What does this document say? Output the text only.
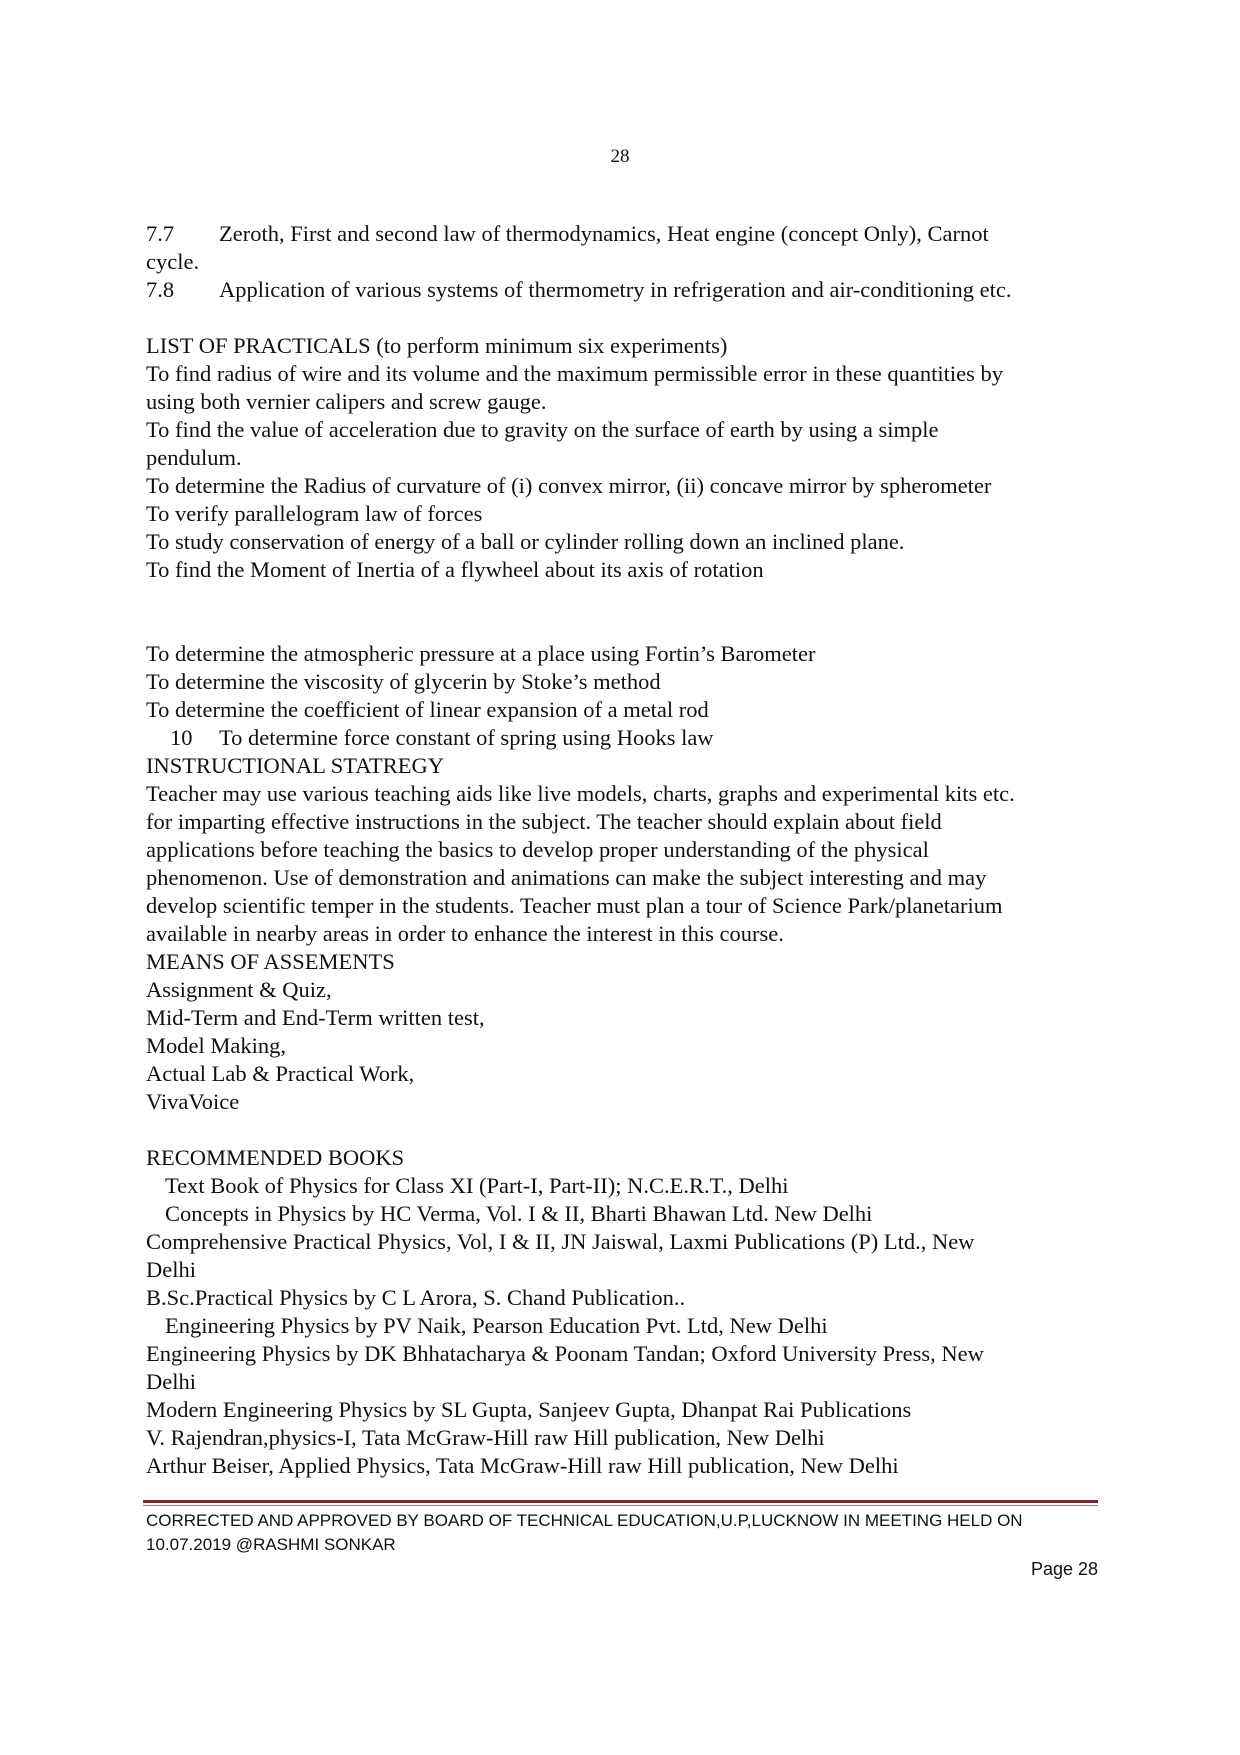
28
7.7 Zeroth, First and second law of thermodynamics, Heat engine (concept Only), Carnot
cycle.
7.8 Application of various systems of thermometry in refrigeration and air-conditioning etc.
LIST OF PRACTICALS (to perform minimum six experiments)
To find radius of wire and its volume and the maximum permissible error in these quantities by
using both vernier calipers and screw gauge.
To find the value of acceleration due to gravity on the surface of earth by using a simple
pendulum.
To determine the Radius of curvature of (i) convex mirror, (ii) concave mirror by spherometer
To verify parallelogram law of forces
To study conservation of energy of a ball or cylinder rolling down an inclined plane.
To find the Moment of Inertia of a flywheel about its axis of rotation
To determine the atmospheric pressure at a place using Fortin’s Barometer
To determine the viscosity of glycerin by Stoke’s method
To determine the coefficient of linear expansion of a metal rod
10 To determine force constant of spring using Hooks law
INSTRUCTIONAL STATREGY
Teacher may use various teaching aids like live models, charts, graphs and experimental kits etc.
for imparting effective instructions in the subject. The teacher should explain about field
applications before teaching the basics to develop proper understanding of the physical
phenomenon. Use of demonstration and animations can make the subject interesting and may
develop scientific temper in the students. Teacher must plan a tour of Science Park/planetarium
available in nearby areas in order to enhance the interest in this course.
MEANS OF ASSEMENTS
Assignment & Quiz,
Mid-Term and End-Term written test,
Model Making,
Actual Lab & Practical Work,
VivaVoice
RECOMMENDED BOOKS
Text Book of Physics for Class XI (Part-I, Part-II); N.C.E.R.T., Delhi
Concepts in Physics by HC Verma, Vol. I & II, Bharti Bhawan Ltd. New Delhi
Comprehensive Practical Physics, Vol, I & II, JN Jaiswal, Laxmi Publications (P) Ltd., New
Delhi
B.Sc.Practical Physics by C L Arora, S. Chand Publication..
Engineering Physics by PV Naik, Pearson Education Pvt. Ltd, New Delhi
Engineering Physics by DK Bhhatacharya & Poonam Tandan; Oxford University Press, New
Delhi
Modern Engineering Physics by SL Gupta, Sanjeev Gupta, Dhanpat Rai Publications
V. Rajendran,physics-I, Tata McGraw-Hill raw Hill publication, New Delhi
Arthur Beiser, Applied Physics, Tata McGraw-Hill raw Hill publication, New Delhi
CORRECTED AND APPROVED BY BOARD OF TECHNICAL EDUCATION,U.P,LUCKNOW IN MEETING HELD ON
10.07.2019 @RASHMI SONKAR
Page 28
